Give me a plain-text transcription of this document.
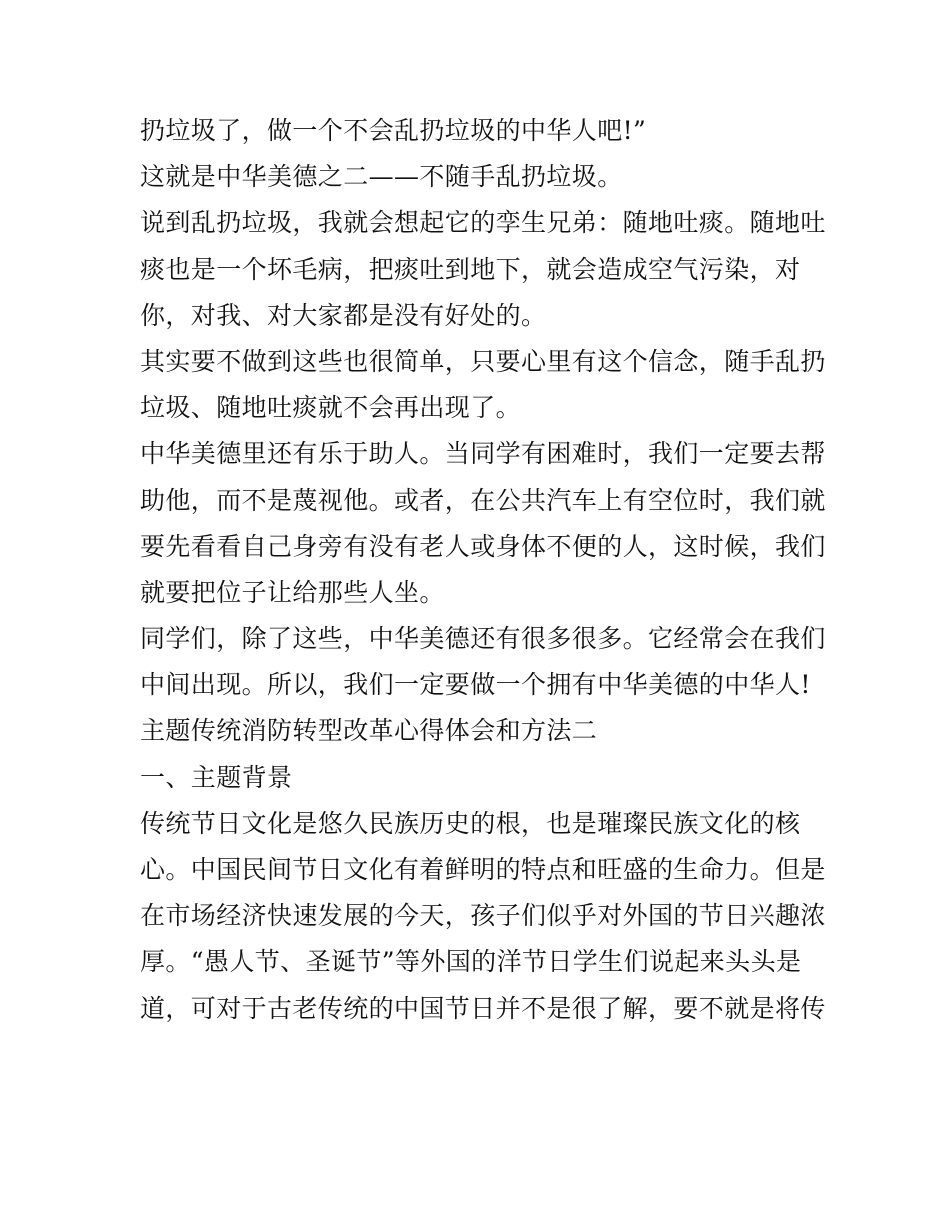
扔垃圾了，做一个不会乱扔垃圾的中华人吧!”
这就是中华美德之二——不随手乱扔垃圾。
说到乱扔垃圾，我就会想起它的孪生兄弟：随地吐痰。随地吐
痰也是一个坏毛病，把痰吐到地下，就会造成空气污染，对
你，对我、对大家都是没有好处的。
其实要不做到这些也很简单，只要心里有这个信念，随手乱扔
垃圾、随地吐痰就不会再出现了。
中华美德里还有乐于助人。当同学有困难时，我们一定要去帮
助他，而不是蔑视他。或者，在公共汽车上有空位时，我们就
要先看看自己身旁有没有老人或身体不便的人，这时候，我们
就要把位子让给那些人坐。
同学们，除了这些，中华美德还有很多很多。它经常会在我们
中间出现。所以，我们一定要做一个拥有中华美德的中华人!
主题传统消防转型改革心得体会和方法二
一、主题背景
传统节日文化是悠久民族历史的根，也是璀璨民族文化的核
心。中国民间节日文化有着鲜明的特点和旺盛的生命力。但是
在市场经济快速发展的今天，孩子们似乎对外国的节日兴趣浓
厚。“愚人节、圣诞节”等外国的洋节日学生们说起来头头是
道，可对于古老传统的中国节日并不是很了解，要不就是将传
